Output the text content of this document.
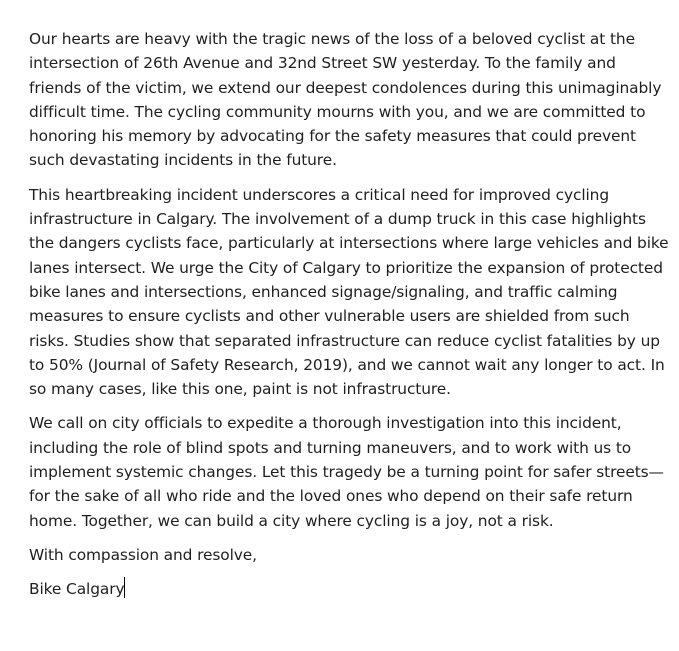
Our hearts are heavy with the tragic news of the loss of a beloved cyclist at the intersection of 26th Avenue and 32nd Street SW yesterday. To the family and friends of the victim, we extend our deepest condolences during this unimaginably difficult time. The cycling community mourns with you, and we are committed to honoring his memory by advocating for the safety measures that could prevent such devastating incidents in the future.

This heartbreaking incident underscores a critical need for improved cycling infrastructure in Calgary. The involvement of a dump truck in this case highlights the dangers cyclists face, particularly at intersections where large vehicles and bike lanes intersect. We urge the City of Calgary to prioritize the expansion of protected bike lanes and intersections, enhanced signage/signaling, and traffic calming measures to ensure cyclists and other vulnerable users are shielded from such risks. Studies show that separated infrastructure can reduce cyclist fatalities by up to 50% (Journal of Safety Research, 2019), and we cannot wait any longer to act. In so many cases, like this one, paint is not infrastructure.

We call on city officials to expedite a thorough investigation into this incident, including the role of blind spots and turning maneuvers, and to work with us to implement systemic changes. Let this tragedy be a turning point for safer streets—for the sake of all who ride and the loved ones who depend on their safe return home. Together, we can build a city where cycling is a joy, not a risk.

With compassion and resolve,

Bike Calgary
